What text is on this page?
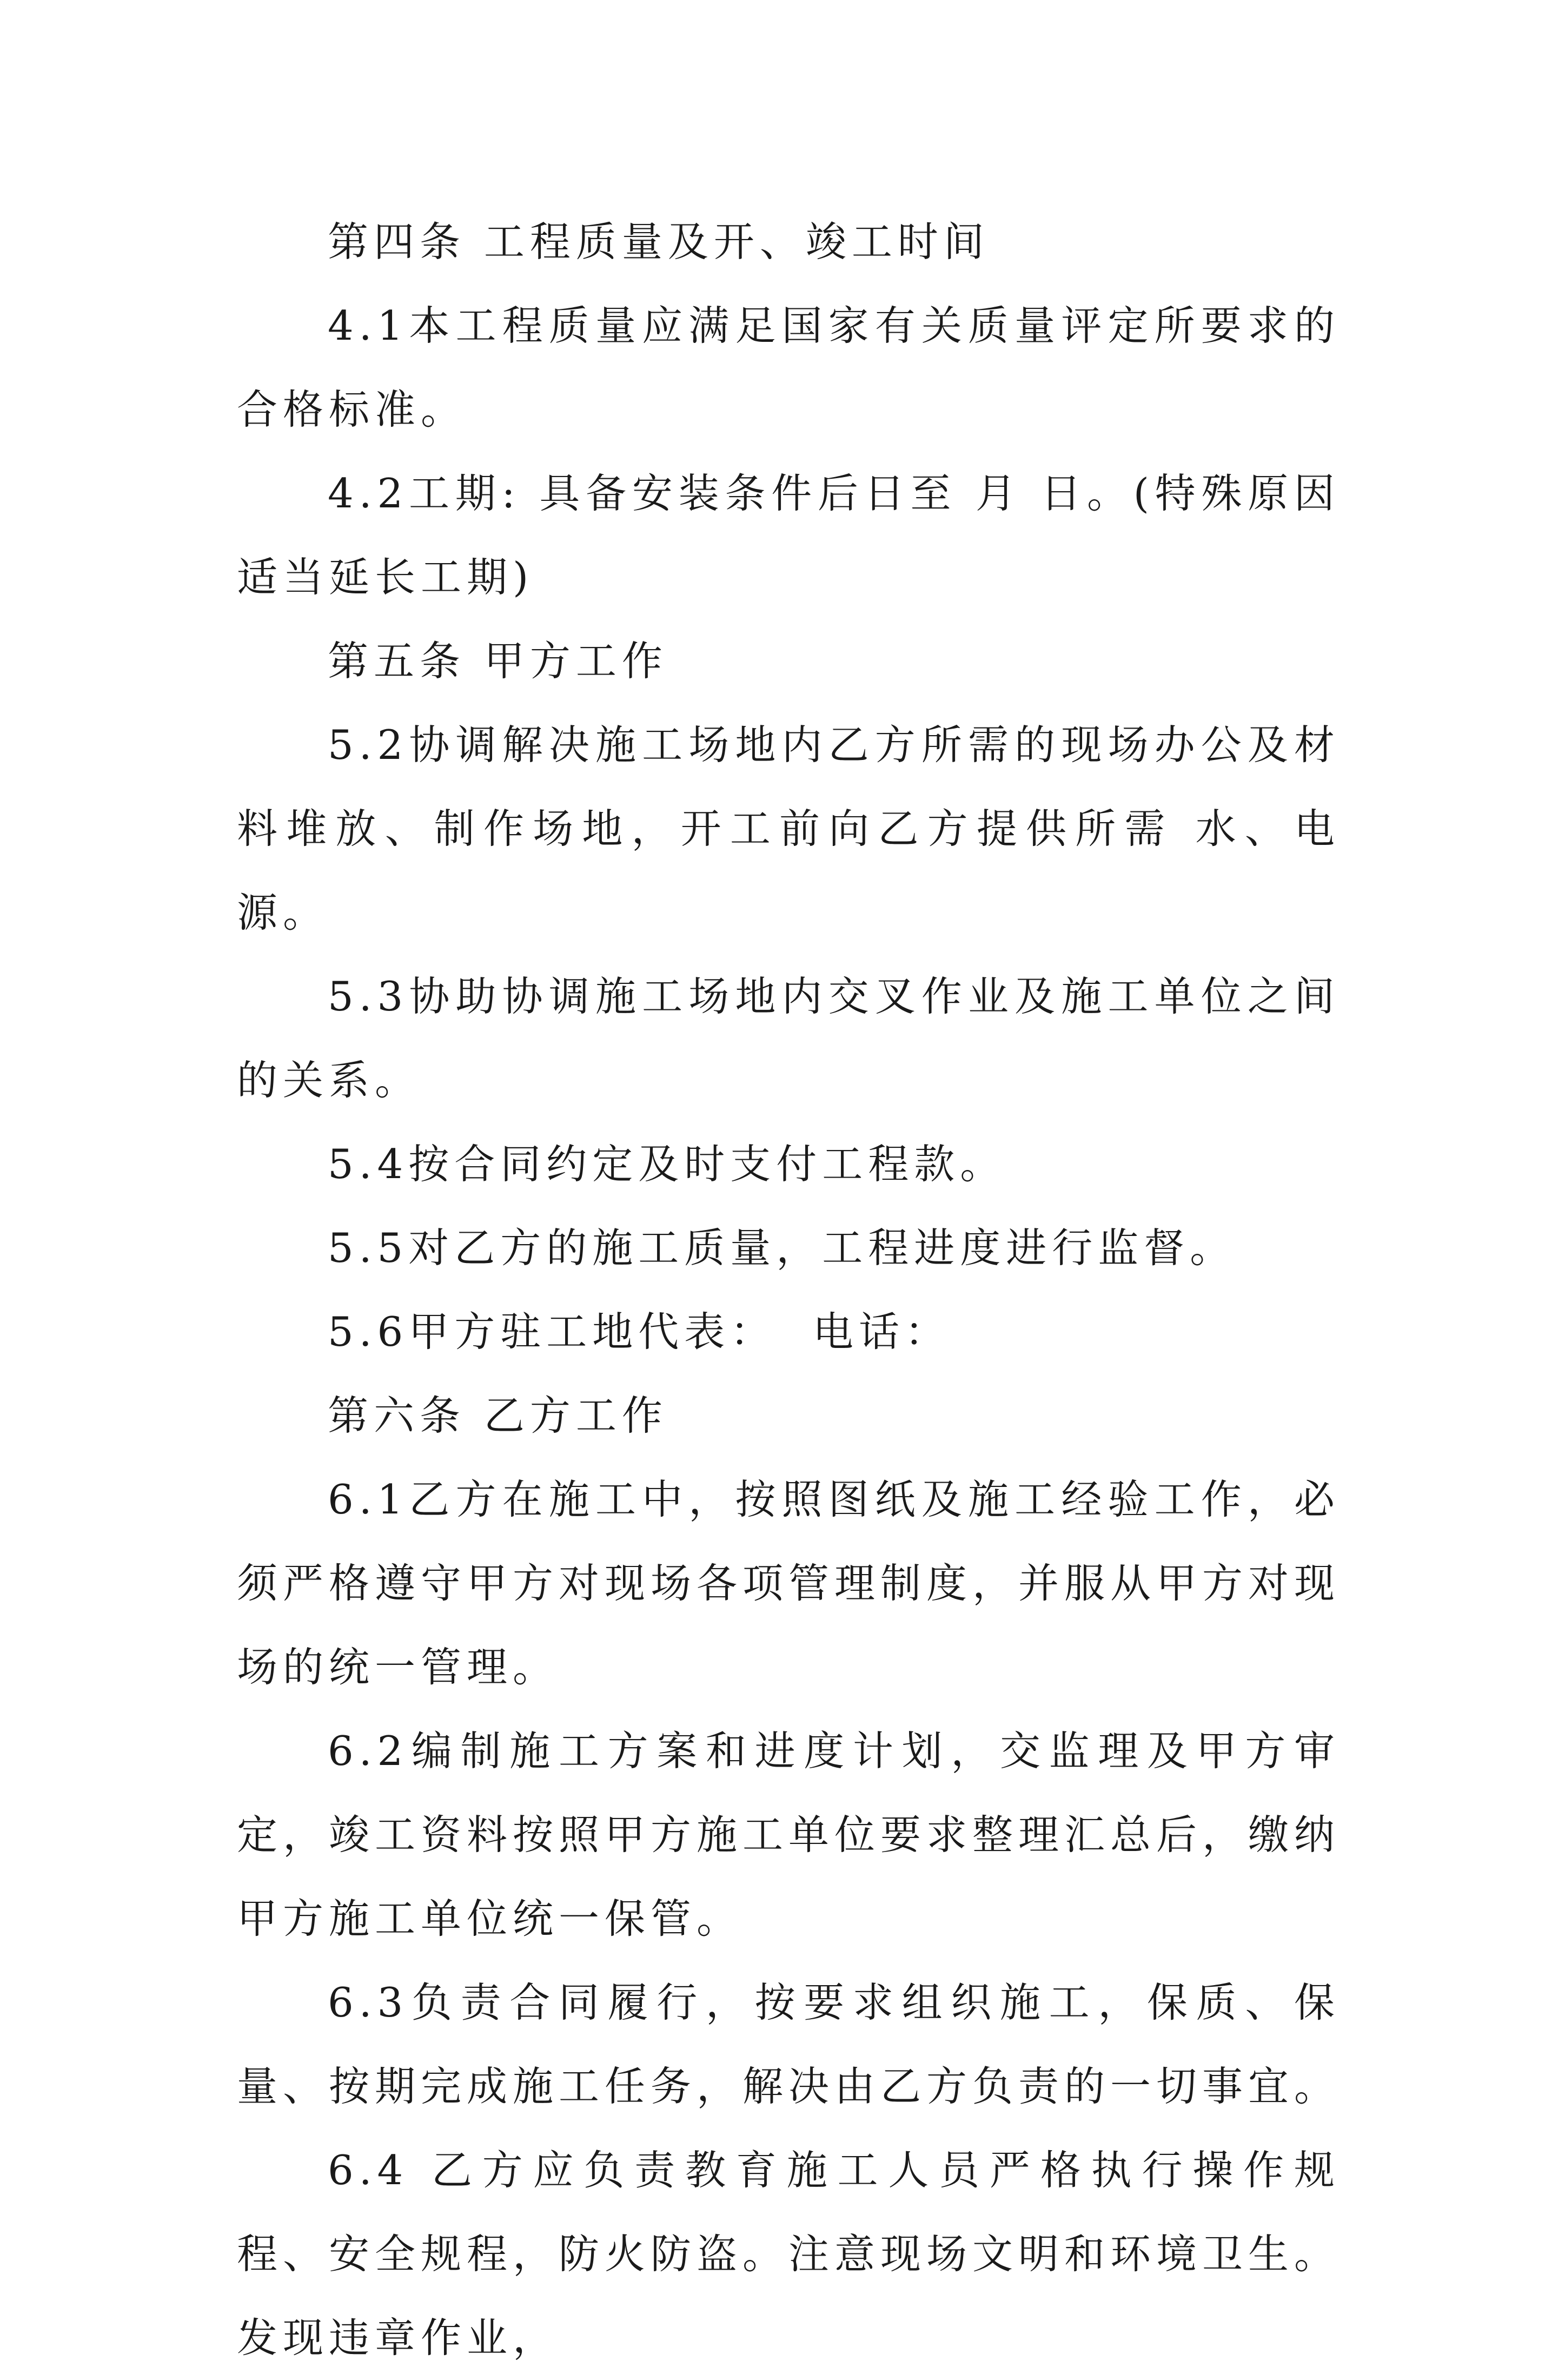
第四条 工程质量及开、竣工时间

4.1本工程质量应满足国家有关质量评定所要求的合格标准。

4.2工期: 具备安装条件后日至 月 日。(特殊原因适当延长工期)

第五条 甲方工作

5.2协调解决施工场地内乙方所需的现场办公及材料堆放、制作场地，开工前向乙方提供所需 水、电源。

5.3协助协调施工场地内交叉作业及施工单位之间的关系。

5.4按合同约定及时支付工程款。

5.5对乙方的施工质量，工程进度进行监督。

5.6甲方驻工地代表：  电话：

第六条 乙方工作

6.1乙方在施工中，按照图纸及施工经验工作，必须严格遵守甲方对现场各项管理制度，并服从甲方对现场的统一管理。

6.2编制施工方案和进度计划，交监理及甲方审定，竣工资料按照甲方施工单位要求整理汇总后，缴纳甲方施工单位统一保管。

6.3负责合同履行，按要求组织施工，保质、保量、按期完成施工任务，解决由乙方负责的一切事宜。

6.4 乙方应负责教育施工人员严格执行操作规程、安全规程，防火防盗。注意现场文明和环境卫生。发现违章作业，
